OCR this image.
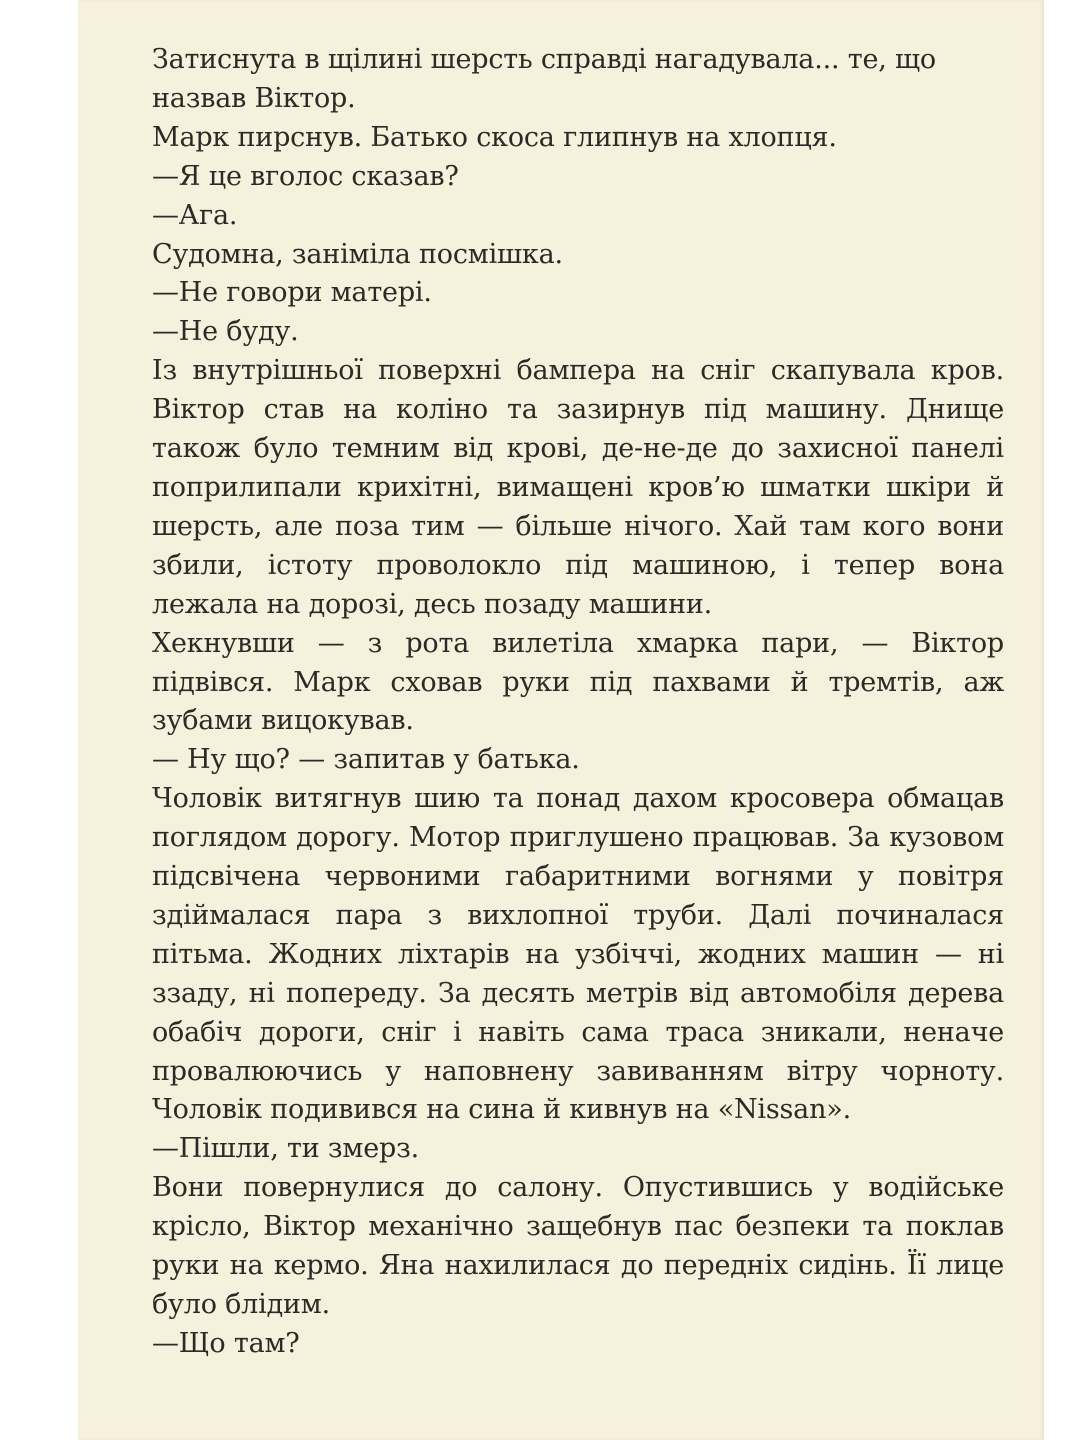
Затиснута в щілині шерсть справді нагадувала... те, що назвав Віктор.

Марк пирснув. Батько скоса глипнув на хлопця.

—Я це вголос сказав?

—Ага.

Судомна, заніміла посмішка.

—Не говори матері.

—Не буду.

Із внутрішньої поверхні бампера на сніг скапувала кров. Віктор став на коліно та зазирнув під машину. Днище також було темним від крові, де-не-де до захисної панелі поприлипали крихітні, вимащені кров’ю шматки шкіри й шерсть, але поза тим — більше нічого. Хай там кого вони збили, істоту проволокло під машиною, і тепер вона лежала на дорозі, десь позаду машини.

Хекнувши — з рота вилетіла хмарка пари, — Віктор підвівся. Марк сховав руки під пахвами й тремтів, аж зубами вицокував.

— Ну що? — запитав у батька.

Чоловік витягнув шию та понад дахом кросовера обмацав поглядом дорогу. Мотор приглушено працював. За кузовом підсвічена червоними габаритними вогнями у повітря здіймалася пара з вихлопної труби. Далі починалася пітьма. Жодних ліхтарів на узбіччі, жодних машин — ні ззаду, ні попереду. За десять метрів від автомобіля дерева обабіч дороги, сніг і навіть сама траса зникали, неначе провалюючись у наповнену завиванням вітру чорноту. Чоловік подивився на сина й кивнув на «Nissan».

—Пішли, ти змерз.

Вони повернулися до салону. Опустившись у водійське крісло, Віктор механічно защебнув пас безпеки та поклав руки на кермо. Яна нахилилася до передніх сидінь. Її лице було блідим.

—Що там?
